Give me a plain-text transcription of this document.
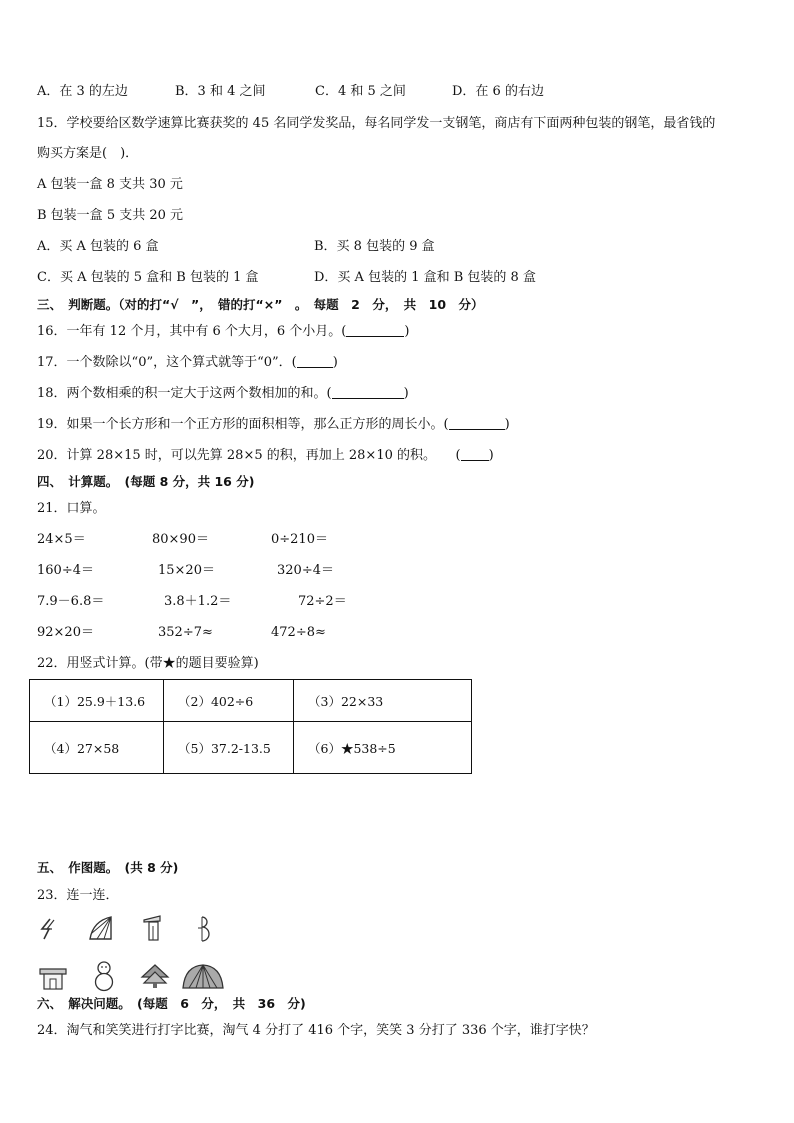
A．在 3 的左边	B．3 和 4 之间	C．4 和 5 之间	D．在 6 的右边
15．学校要给区数学速算比赛获奖的 45 名同学发奖品，每名同学发一支钢笔，商店有下面两种包装的钢笔，最省钱的
购买方案是(　)．
A 包装一盒 8 支共 30 元
B 包装一盒 5 支共 20 元
A．买 A 包装的 6 盒	B．买 8 包装的 9 盒
C．买 A 包装的 5 盒和 B 包装的 1 盒	D．买 A 包装的 1 盒和 B 包装的 8 盒
三、　判断题。（对的打“√　”，　错的打“×”　。　每题　2　分，　共　10　分）
16．一年有 12 个月，其中有 6 个大月，6 个小月。(	)
17．一个数除以“0”，这个算式就等于“0”．(	)
18．两个数相乘的积一定大于这两个数相加的和。(	)
19．如果一个长方形和一个正方形的面积相等，那么正方形的周长小。(	)
20．计算 28×15 时，可以先算 28×5 的积，再加上 28×10 的积。　　( )
四、　计算题。　(每题 8 分，共 16 分)
21．口算。
24×5＝	80×90＝	0÷210＝
160÷4＝	15×20＝	320÷4＝
7.9－6.8＝	3.8＋1.2＝	72÷2＝
92×20＝	352÷7≈	472÷8≈
22．用竖式计算。(带★的题目要验算)
（1）25.9＋13.6	（2）402÷6	（3）22×33
（4）27×58	（5）37.2-13.5	（6）★538÷5
五、　作图题。　(共 8 分)
23．连一连．
六、　解决问题。　(每题　6　分，　共　36　分)
24．淘气和笑笑进行打字比赛，淘气 4 分打了 416 个字，笑笑 3 分打了 336 个字，谁打字快？
